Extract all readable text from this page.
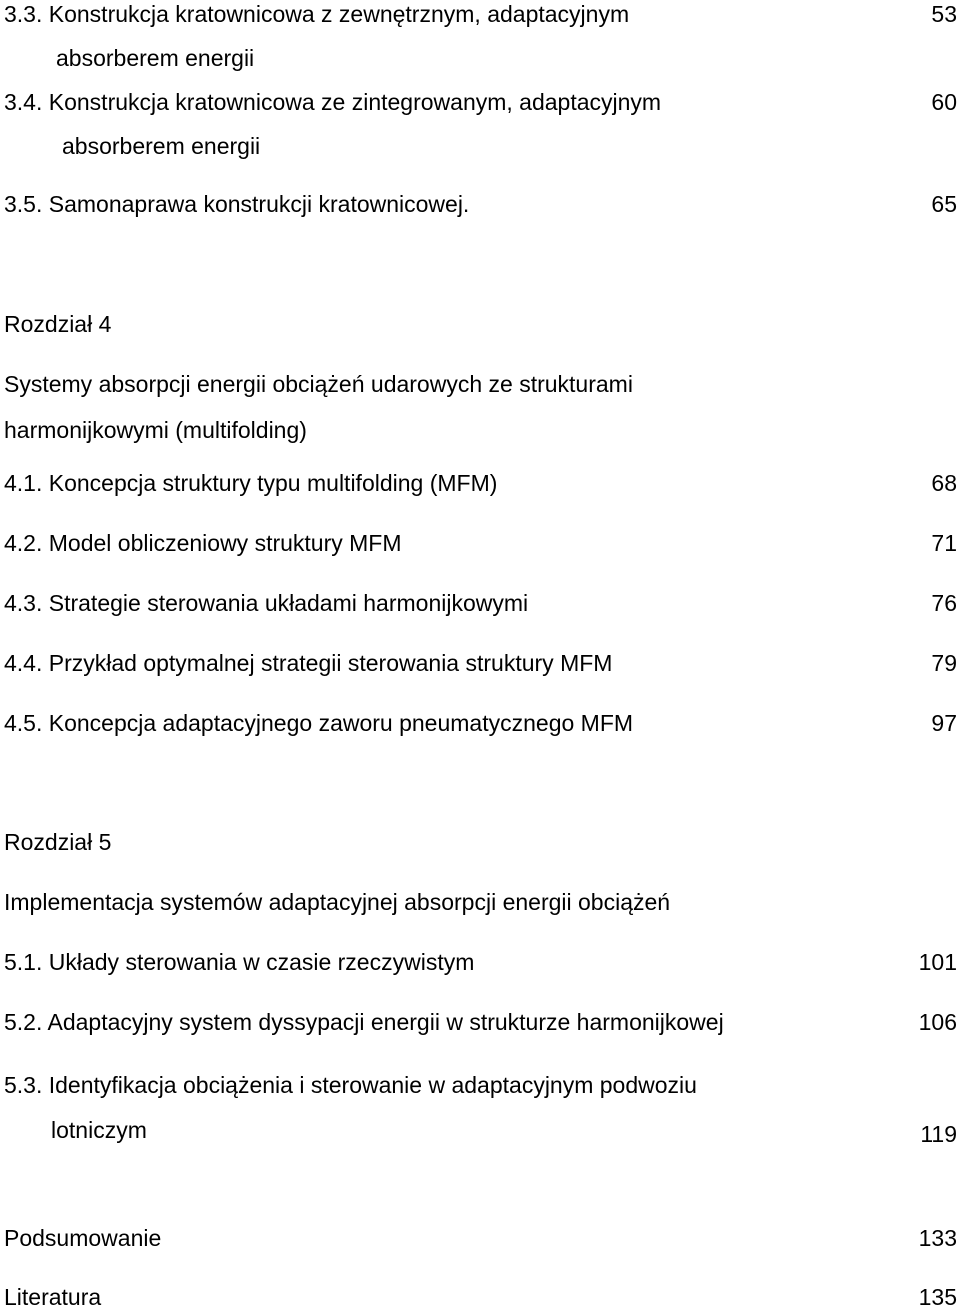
3.3. Konstrukcja kratownicowa z zewnętrznym, adaptacyjnym
absorberem energii
53
3.4. Konstrukcja kratownicowa ze zintegrowanym, adaptacyjnym
absorberem energii
60
3.5. Samonaprawa konstrukcji kratownicowej.	65
Rozdział 4
Systemy absorpcji energii obciążeń udarowych ze strukturami
harmonijkowymi (multifolding)
4.1. Koncepcja struktury typu multifolding (MFM)	68
4.2. Model obliczeniowy struktury MFM	71
4.3. Strategie sterowania układami harmonijkowymi	76
4.4. Przykład optymalnej strategii sterowania struktury MFM	79
4.5. Koncepcja adaptacyjnego zaworu pneumatycznego MFM	97
Rozdział 5
Implementacja systemów adaptacyjnej absorpcji energii obciążeń
5.1. Układy sterowania w czasie rzeczywistym	101
5.2. Adaptacyjny system dyssypacji energii w strukturze harmonijkowej	106
5.3. Identyfikacja obciążenia i sterowanie w adaptacyjnym podwoziu
lotniczym	119
Podsumowanie	133
Literatura	135
